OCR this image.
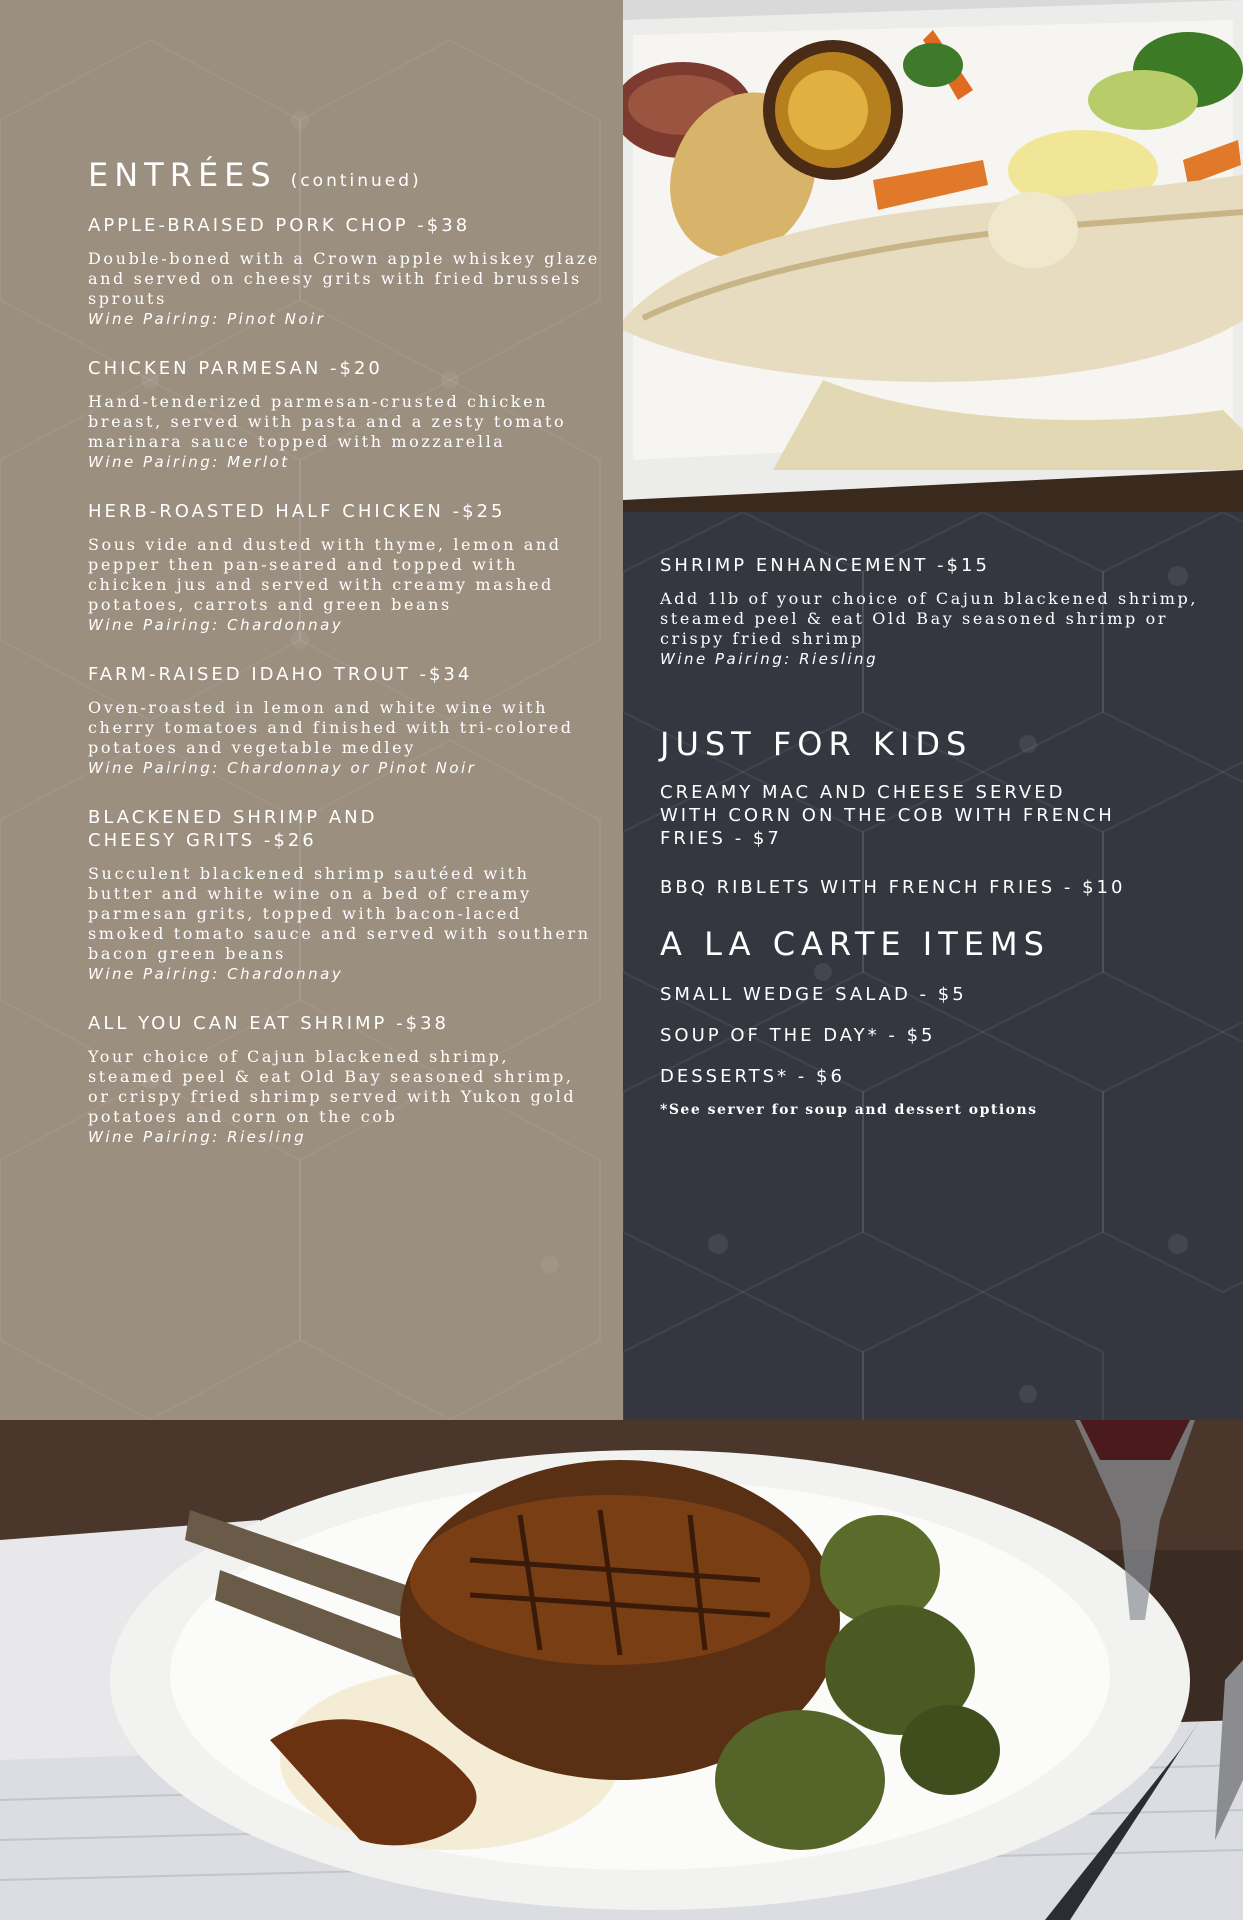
ENTRÉES (continued)

APPLE-BRAISED PORK CHOP -$38

Double-boned with a Crown apple whiskey glaze and served on cheesy grits with fried brussels sprouts

Wine Pairing: Pinot Noir

CHICKEN PARMESAN -$20

Hand-tenderized parmesan-crusted chicken breast, served with pasta and a zesty tomato marinara sauce topped with mozzarella

Wine Pairing: Merlot

HERB-ROASTED HALF CHICKEN -$25

Sous vide and dusted with thyme, lemon and pepper then pan-seared and topped with chicken jus and served with creamy mashed potatoes, carrots and green beans

Wine Pairing: Chardonnay

FARM-RAISED IDAHO TROUT -$34

Oven-roasted in lemon and white wine with cherry tomatoes and finished with tri-colored potatoes and vegetable medley

Wine Pairing: Chardonnay or Pinot Noir

BLACKENED SHRIMP AND CHEESY GRITS -$26

Succulent blackened shrimp sautéed with butter and white wine on a bed of creamy parmesan grits, topped with bacon-laced smoked tomato sauce and served with southern bacon green beans

Wine Pairing: Chardonnay

ALL YOU CAN EAT SHRIMP -$38

Your choice of Cajun blackened shrimp, steamed peel & eat Old Bay seasoned shrimp, or crispy fried shrimp served with Yukon gold potatoes and corn on the cob

Wine Pairing: Riesling

SHRIMP ENHANCEMENT -$15

Add 1lb of your choice of Cajun blackened shrimp, steamed peel & eat Old Bay seasoned shrimp or crispy fried shrimp

Wine Pairing: Riesling

JUST FOR KIDS

CREAMY MAC AND CHEESE SERVED WITH CORN ON THE COB WITH FRENCH FRIES - $7

BBQ RIBLETS WITH FRENCH FRIES - $10

A LA CARTE ITEMS

SMALL WEDGE SALAD - $5

SOUP OF THE DAY* - $5

DESSERTS* - $6

*See server for soup and dessert options
